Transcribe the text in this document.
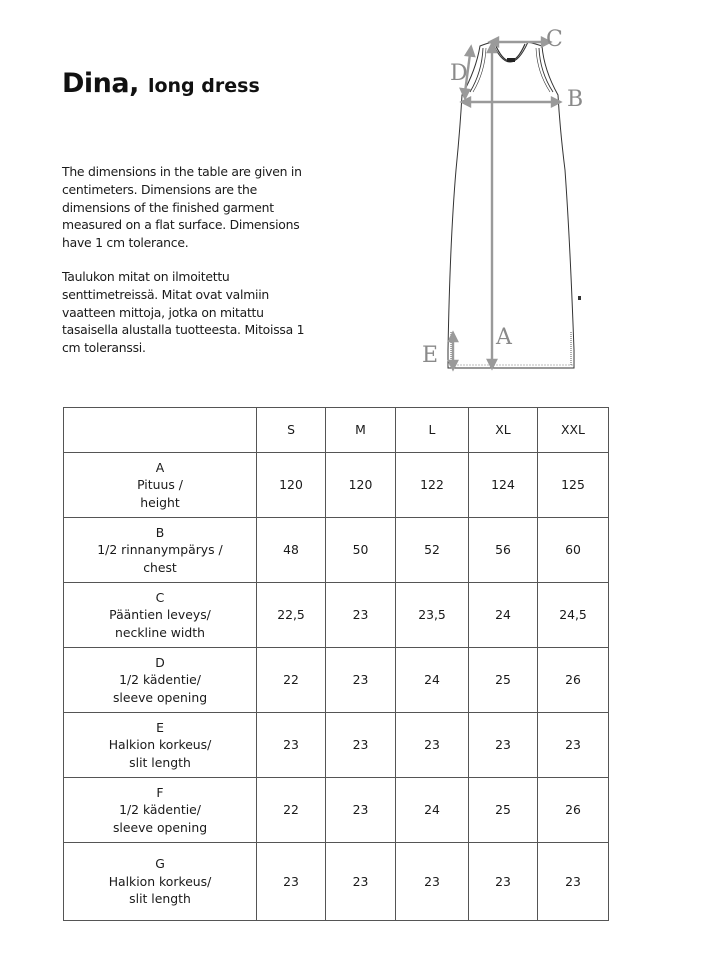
Dina, long dress
The dimensions in the table are given in centimeters. Dimensions are the dimensions of the finished garment measured on a flat surface. Dimensions have 1 cm tolerance.
Taulukon mitat on ilmoitettu senttimetreissä. Mitat ovat valmiin vaatteen mittoja, jotka on mitattu tasaisella alustalla tuotteesta. Mitoissa 1 cm toleranssi.
C
D
B
A
E
	S	M	L	XL	XXL

A
Pituus /
height	120	120	122	124	125

B
1/2 rinnanympärys /
chest	48	50	52	56	60

C
Pääntien leveys/
neckline width	22,5	23	23,5	24	24,5

D
1/2 kädentie/
sleeve opening	22	23	24	25	26

E
Halkion korkeus/
slit length	23	23	23	23	23

F
1/2 kädentie/
sleeve opening	22	23	24	25	26

G
Halkion korkeus/
slit length	23	23	23	23	23
